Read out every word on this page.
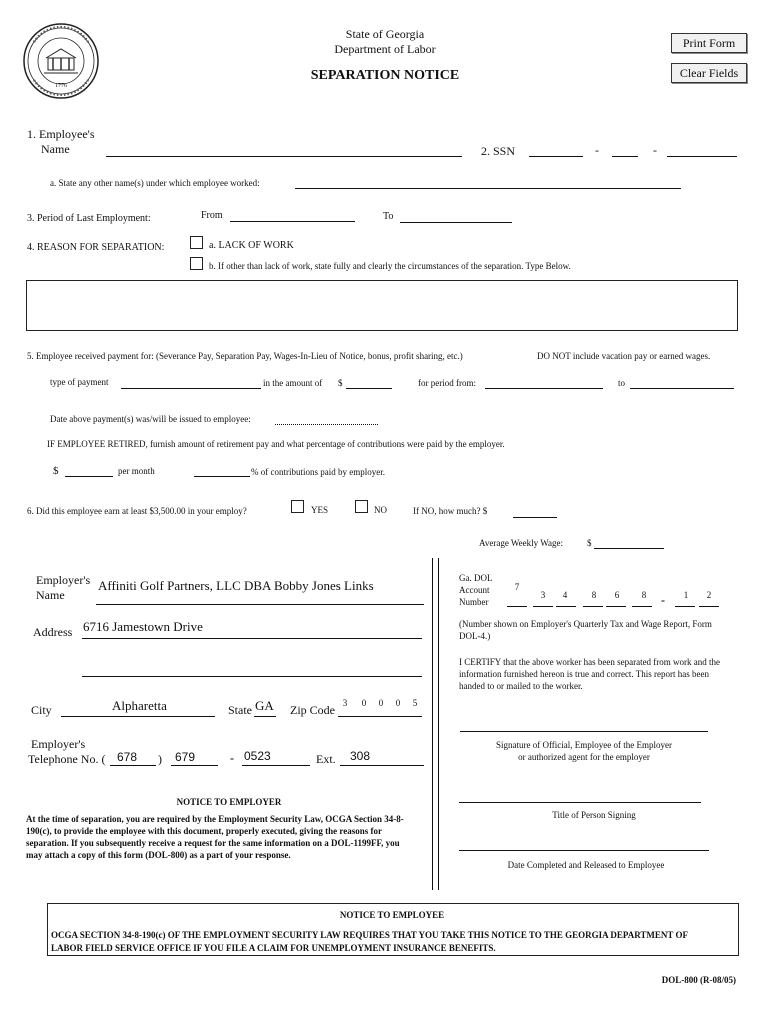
1776
State of Georgia
Department of Labor
SEPARATION NOTICE
Print Form
Clear Fields
1. Employee's
Name	2. SSN	-	-
a. State any other name(s) under which employee worked:
3. Period of Last Employment:	From	To
4. REASON FOR SEPARATION:	a. LACK OF WORK
b. If other than lack of work, state fully and clearly the circumstances of the separation. Type Below.
5. Employee received payment for: (Severance Pay, Separation Pay, Wages-In-Lieu of Notice, bonus, profit sharing, etc.)	DO NOT include vacation pay or earned wages.
type of payment	in the amount of $	for period from:	to
Date above payment(s) was/will be issued to employee:
IF EMPLOYEE RETIRED, furnish amount of retirement pay and what percentage of contributions were paid by the employer.
$	per month	% of contributions paid by employer.
6. Did this employee earn at least $3,500.00 in your employ?	YES	NO	If NO, how much? $
Average Weekly Wage:	$
Employer's
Name
Affiniti Golf Partners, LLC DBA Bobby Jones Links
Address 6716 Jamestown Drive
City	Alpharetta	State GA Zip Code 3	0	0	0	5
Employer's
Telephone No. ( 678 ) 679	- 0523	Ext. 308
Ga. DOL
Account
Number
7
3	4	8	6	8	-	1	2
(Number shown on Employer's Quarterly Tax and Wage Report, Form DOL-4.)
I CERTIFY that the above worker has been separated from work and the information furnished hereon is true and correct. This report has been handed to or mailed to the worker.
Signature of Official, Employee of the Employer
or authorized agent for the employer
Title of Person Signing
Date Completed and Released to Employee
NOTICE TO EMPLOYER
At the time of separation, you are required by the Employment Security Law, OCGA Section 34-8-190(c), to provide the employee with this document, properly executed, giving the reasons for separation. If you subsequently receive a request for the same information on a DOL-1199FF, you may attach a copy of this form (DOL-800) as a part of your response.
NOTICE TO EMPLOYEE
OCGA SECTION 34-8-190(c) OF THE EMPLOYMENT SECURITY LAW REQUIRES THAT YOU TAKE THIS NOTICE TO THE GEORGIA DEPARTMENT OF LABOR FIELD SERVICE OFFICE IF YOU FILE A CLAIM FOR UNEMPLOYMENT INSURANCE BENEFITS.
DOL-800 (R-08/05)
